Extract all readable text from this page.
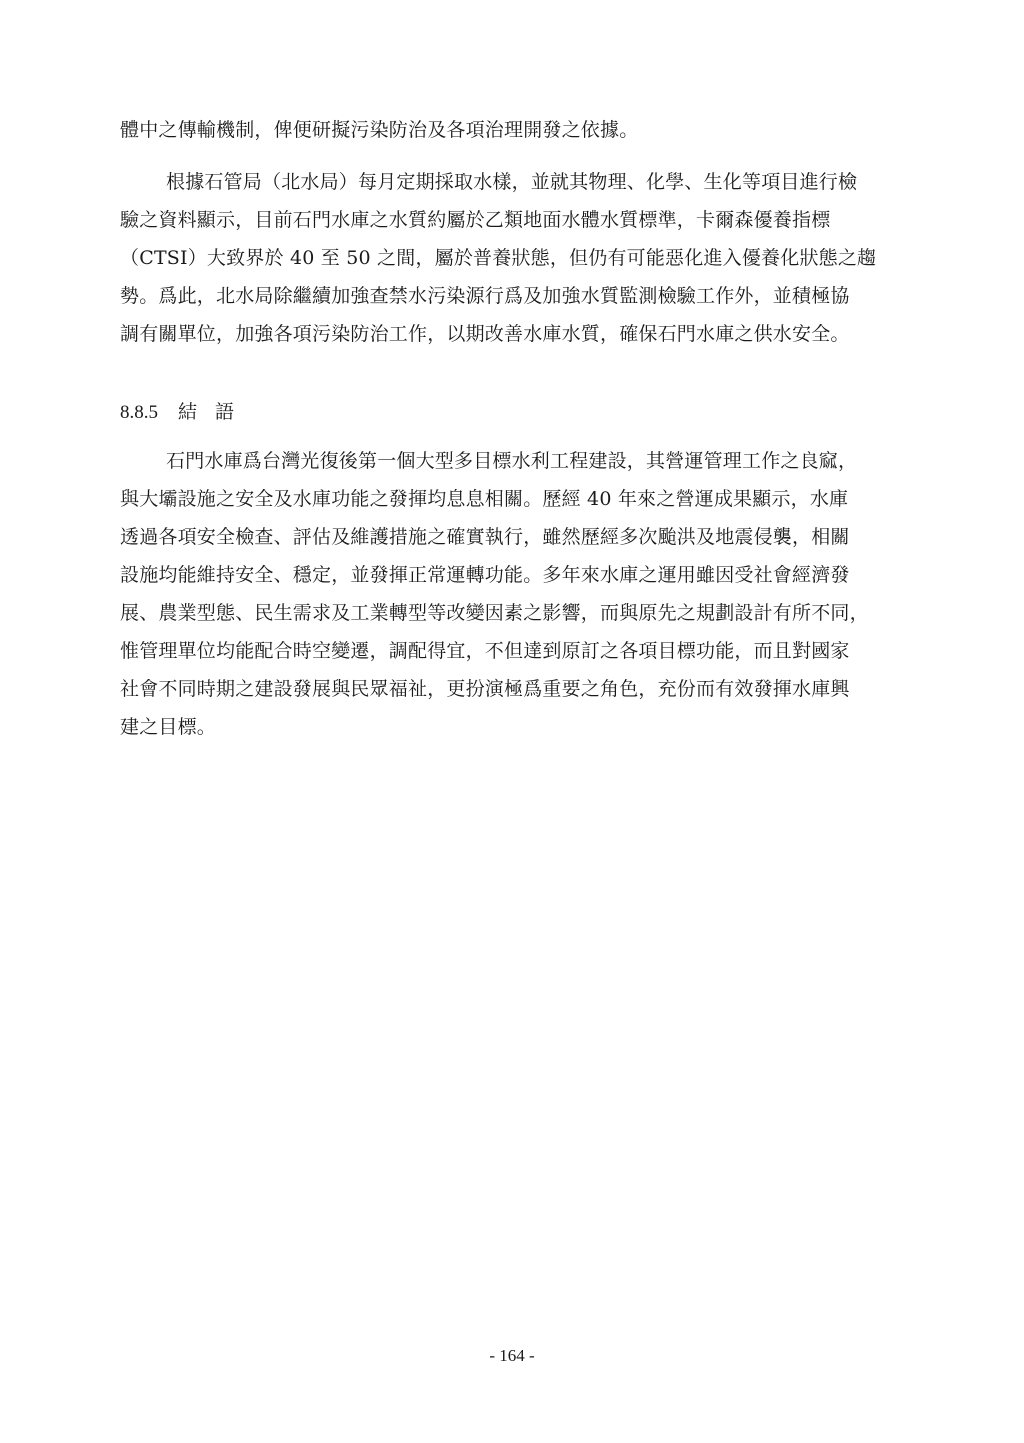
體中之傳輸機制，俾便研擬污染防治及各項治理開發之依據。
根據石管局（北水局）每月定期採取水樣，並就其物理、化學、生化等項目進行檢
驗之資料顯示，目前石門水庫之水質約屬於乙類地面水體水質標準，卡爾森優養指標
（CTSI）大致界於 40 至 50 之間，屬於普養狀態，但仍有可能惡化進入優養化狀態之趨
勢。爲此，北水局除繼續加強查禁水污染源行爲及加強水質監測檢驗工作外，並積極協
調有關單位，加強各項污染防治工作，以期改善水庫水質，確保石門水庫之供水安全。
8.8.5 結 語
石門水庫爲台灣光復後第一個大型多目標水利工程建設，其營運管理工作之良窳，
與大壩設施之安全及水庫功能之發揮均息息相關。歷經 40 年來之營運成果顯示，水庫
透過各項安全檢查、評估及維護措施之確實執行，雖然歷經多次颱洪及地震侵襲，相關
設施均能維持安全、穩定，並發揮正常運轉功能。多年來水庫之運用雖因受社會經濟發
展、農業型態、民生需求及工業轉型等改變因素之影響，而與原先之規劃設計有所不同，
惟管理單位均能配合時空變遷，調配得宜，不但達到原訂之各項目標功能，而且對國家
社會不同時期之建設發展與民眾福祉，更扮演極爲重要之角色，充份而有效發揮水庫興
建之目標。
- 164 -
